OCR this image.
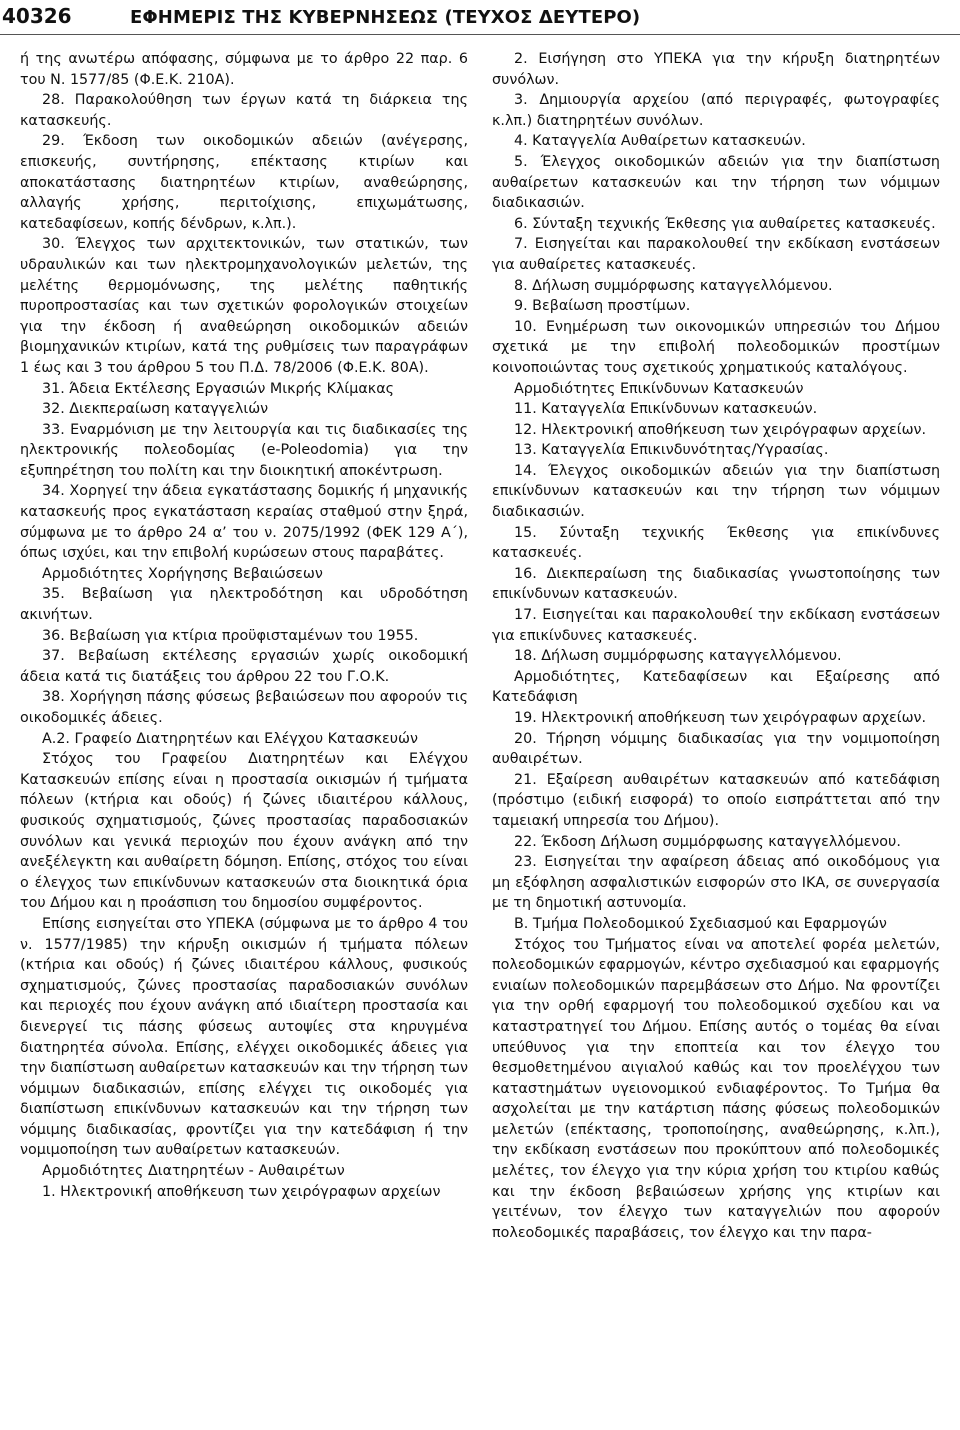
40326	ΕΦΗΜΕΡΙΣ ΤΗΣ ΚΥΒΕΡΝΗΣΕΩΣ (ΤΕΥΧΟΣ ΔΕΥΤΕΡΟ)

ή της ανωτέρω απόφασης, σύμφωνα με το άρθρο 22 παρ. 6 του Ν. 1577/85 (Φ.Ε.Κ. 210Α).

28. Παρακολούθηση των έργων κατά τη διάρκεια της κατασκευής.

29. Έκδοση των οικοδομικών αδειών (ανέγερσης, επισκευής, συντήρησης, επέκτασης κτιρίων και αποκατάστασης διατηρητέων κτιρίων, αναθεώρησης, αλλαγής χρήσης, περιτοίχισης, επιχωμάτωσης, κατεδαφίσεων, κοπής δένδρων, κ.λπ.).

30. Έλεγχος των αρχιτεκτονικών, των στατικών, των υδραυλικών και των ηλεκτρομηχανολογικών μελετών, της μελέτης θερμομόνωσης, της μελέτης παθητικής πυροπροστασίας και των σχετικών φορολογικών στοιχείων για την έκδοση ή αναθεώρηση οικοδομικών αδειών βιομηχανικών κτιρίων, κατά της ρυθμίσεις των παραγράφων 1 έως και 3 του άρθρου 5 του Π.Δ. 78/2006 (Φ.Ε.Κ. 80Α).

31. Άδεια Εκτέλεσης Εργασιών Μικρής Κλίμακας

32. Διεκπεραίωση καταγγελιών

33. Εναρμόνιση με την λειτουργία και τις διαδικασίες της ηλεκτρονικής πολεοδομίας (e-Poleodomia) για την εξυπηρέτηση του πολίτη και την διοικητική αποκέντρωση.

34. Χορηγεί την άδεια εγκατάστασης δομικής ή μηχανικής κατασκευής προς εγκατάσταση κεραίας σταθμού στην ξηρά, σύμφωνα με το άρθρο 24 α’ του ν. 2075/1992 (ΦΕΚ 129 Α΄), όπως ισχύει, και την επιβολή κυρώσεων στους παραβάτες.

Αρμοδιότητες Χορήγησης Βεβαιώσεων

35. Βεβαίωση για ηλεκτροδότηση και υδροδότηση ακινήτων.

36. Βεβαίωση για κτίρια προϋφισταμένων του 1955.

37. Βεβαίωση εκτέλεσης εργασιών χωρίς οικοδομική άδεια κατά τις διατάξεις του άρθρου 22 του Γ.Ο.Κ.

38. Χορήγηση πάσης φύσεως βεβαιώσεων που αφορούν τις οικοδομικές άδειες.

Α.2. Γραφείο Διατηρητέων και Ελέγχου Κατασκευών

Στόχος του Γραφείου Διατηρητέων και Ελέγχου Κατασκευών επίσης είναι η προστασία οικισμών ή τμήματα πόλεων (κτήρια και οδούς) ή ζώνες ιδιαιτέρου κάλλους, φυσικούς σχηματισμούς, ζώνες προστασίας παραδοσιακών συνόλων και γενικά περιοχών που έχουν ανάγκη από την ανεξέλεγκτη και αυθαίρετη δόμηση. Επίσης, στόχος του είναι ο έλεγχος των επικίνδυνων κατασκευών στα διοικητικά όρια του Δήμου και η προάσπιση του δημοσίου συμφέροντος.

Επίσης εισηγείται στο ΥΠΕΚΑ (σύμφωνα με το άρθρο 4 του ν. 1577/1985) την κήρυξη οικισμών ή τμήματα πόλεων (κτήρια και οδούς) ή ζώνες ιδιαιτέρου κάλλους, φυσικούς σχηματισμούς, ζώνες προστασίας παραδοσιακών συνόλων και περιοχές που έχουν ανάγκη από ιδιαίτερη προστασία και διενεργεί τις πάσης φύσεως αυτοψίες στα κηρυγμένα διατηρητέα σύνολα. Επίσης, ελέγχει οικοδομικές άδειες για την διαπίστωση αυθαίρετων κατασκευών και την τήρηση των νόμιμων διαδικασιών, επίσης ελέγχει τις οικοδομές για διαπίστωση επικίνδυνων κατασκευών και την τήρηση των νόμιμης διαδικασίας, φροντίζει για την κατεδάφιση ή την νομιμοποίηση των αυθαίρετων κατασκευών.

Αρμοδιότητες Διατηρητέων - Αυθαιρέτων

1. Ηλεκτρονική αποθήκευση των χειρόγραφων αρχείων

2. Εισήγηση στο ΥΠΕΚΑ για την κήρυξη διατηρητέων συνόλων.

3. Δημιουργία αρχείου (από περιγραφές, φωτογραφίες κ.λπ.) διατηρητέων συνόλων.

4. Καταγγελία Αυθαίρετων κατασκευών.

5. Έλεγχος οικοδομικών αδειών για την διαπίστωση αυθαίρετων κατασκευών και την τήρηση των νόμιμων διαδικασιών.

6. Σύνταξη τεχνικής Έκθεσης για αυθαίρετες κατασκευές.

7. Εισηγείται και παρακολουθεί την εκδίκαση ενστάσεων για αυθαίρετες κατασκευές.

8. Δήλωση συμμόρφωσης καταγγελλόμενου.

9. Βεβαίωση προστίμων.

10. Ενημέρωση των οικονομικών υπηρεσιών του Δήμου σχετικά με την επιβολή πολεοδομικών προστίμων κοινοποιώντας τους σχετικούς χρηματικούς καταλόγους.

Αρμοδιότητες Επικίνδυνων Κατασκευών

11. Καταγγελία Επικίνδυνων κατασκευών.

12. Ηλεκτρονική αποθήκευση των χειρόγραφων αρχείων.

13. Καταγγελία Επικινδυνότητας/Υγρασίας.

14. Έλεγχος οικοδομικών αδειών για την διαπίστωση επικίνδυνων κατασκευών και την τήρηση των νόμιμων διαδικασιών.

15. Σύνταξη τεχνικής Έκθεσης για επικίνδυνες κατασκευές.

16. Διεκπεραίωση της διαδικασίας γνωστοποίησης των επικίνδυνων κατασκευών.

17. Εισηγείται και παρακολουθεί την εκδίκαση ενστάσεων για επικίνδυνες κατασκευές.

18. Δήλωση συμμόρφωσης καταγγελλόμενου.

Αρμοδιότητες, Κατεδαφίσεων και Εξαίρεσης από Κατεδάφιση

19. Ηλεκτρονική αποθήκευση των χειρόγραφων αρχείων.

20. Τήρηση νόμιμης διαδικασίας για την νομιμοποίηση αυθαιρέτων.

21. Εξαίρεση αυθαιρέτων κατασκευών από κατεδάφιση (πρόστιμο (ειδική εισφορά) το οποίο εισπράττεται από την ταμειακή υπηρεσία του Δήμου).

22. Έκδοση Δήλωση συμμόρφωσης καταγγελλόμενου.

23. Εισηγείται την αφαίρεση άδειας από οικοδόμους για μη εξόφληση ασφαλιστικών εισφορών στο ΙΚΑ, σε συνεργασία με τη δημοτική αστυνομία.

Β. Τμήμα Πολεοδομικού Σχεδιασμού και Εφαρμογών

Στόχος του Τμήματος είναι να αποτελεί φορέα μελετών, πολεοδομικών εφαρμογών, κέντρο σχεδιασμού και εφαρμογής ενιαίων πολεοδομικών παρεμβάσεων στο Δήμο. Να φροντίζει για την ορθή εφαρμογή του πολεοδομικού σχεδίου και να καταστρατηγεί του Δήμου. Επίσης αυτός ο τομέας θα είναι υπεύθυνος για την εποπτεία και τον έλεγχο του θεσμοθετημένου αιγιαλού καθώς και τον προελέγχου των καταστημάτων υγειονομικού ενδιαφέροντος. Το Τμήμα θα ασχολείται με την κατάρτιση πάσης φύσεως πολεοδομικών μελετών (επέκτασης, τροποποίησης, αναθεώρησης, κ.λπ.), την εκδίκαση ενστάσεων που προκύπτουν από πολεοδομικές μελέτες, τον έλεγχο για την κύρια χρήση του κτιρίου καθώς και την έκδοση βεβαιώσεων χρήσης γης κτιρίων και γειτένων, τον έλεγχο των καταγγελιών που αφορούν πολεοδομικές παραβάσεις, τον έλεγχο και την παρα-
